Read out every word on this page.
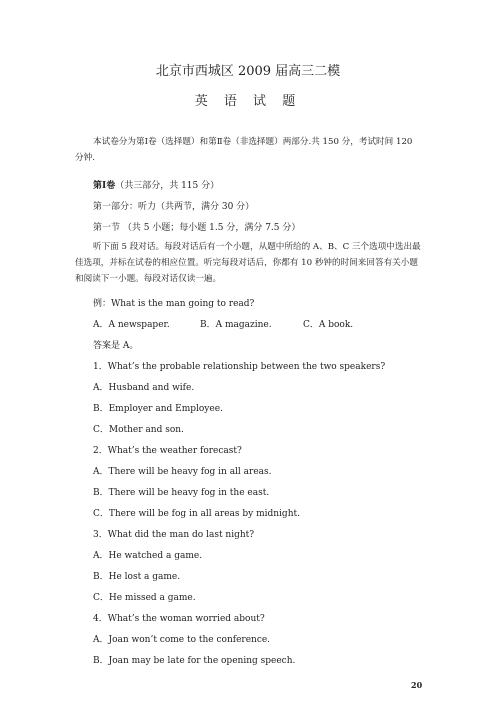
北京市西城区 2009 届高三二模
英 语 试 题
本试卷分为第Ⅰ卷（选择题）和第Ⅱ卷（非选择题）两部分.共 150 分，考试时间 120 分钟.
第Ⅰ卷（共三部分，共 115 分）
第一部分：听力（共两节，满分 30 分）
第一节 （共 5 小题；每小题 1.5 分，满分 7.5 分）
听下面 5 段对话。每段对话后有一个小题，从题中所给的 A、B、C 三个选项中选出最佳选项，并标在试卷的相应位置。听完每段对话后，你都有 10 秒钟的时间来回答有关小题和阅读下一小题。每段对话仅读一遍。
例：What is the man going to read?
A．A newspaper.	B．A magazine.	C．A book.
答案是 A。
1．What’s the probable relationship between the two speakers?
A．Husband and wife.
B．Employer and Employee.
C．Mother and son.
2．What’s the weather forecast?
A．There will be heavy fog in all areas.
B．There will be heavy fog in the east.
C．There will be fog in all areas by midnight.
3．What did the man do last night?
A．He watched a game.
B．He lost a game.
C．He missed a game.
4．What’s the woman worried about?
A．Joan won’t come to the conference.
B．Joan may be late for the opening speech.
20
